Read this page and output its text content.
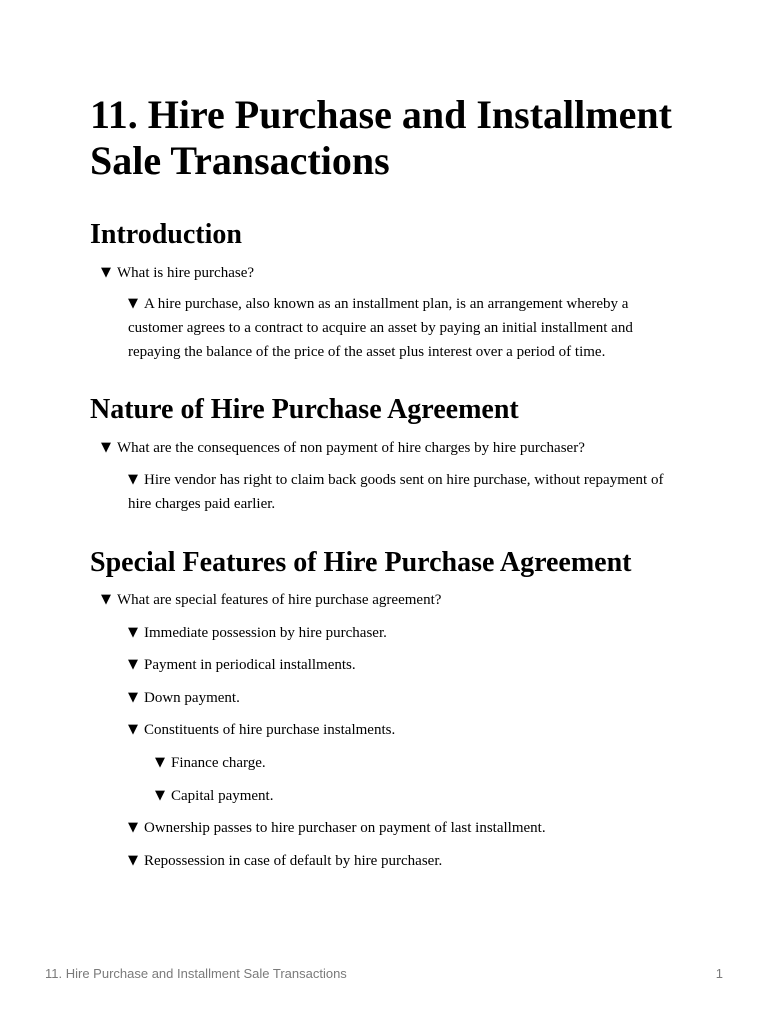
11. Hire Purchase and Installment Sale Transactions
Introduction
▼ What is hire purchase?
▼ A hire purchase, also known as an installment plan, is an arrangement whereby a customer agrees to a contract to acquire an asset by paying an initial installment and repaying the balance of the price of the asset plus interest over a period of time.
Nature of Hire Purchase Agreement
▼ What are the consequences of non payment of hire charges by hire purchaser?
▼ Hire vendor has right to claim back goods sent on hire purchase, without repayment of hire charges paid earlier.
Special Features of Hire Purchase Agreement
▼ What are special features of hire purchase agreement?
▼ Immediate possession by hire purchaser.
▼ Payment in periodical installments.
▼ Down payment.
▼ Constituents of hire purchase instalments.
▼ Finance charge.
▼ Capital payment.
▼ Ownership passes to hire purchaser on payment of last installment.
▼ Repossession in case of default by hire purchaser.
11. Hire Purchase and Installment Sale Transactions	1
